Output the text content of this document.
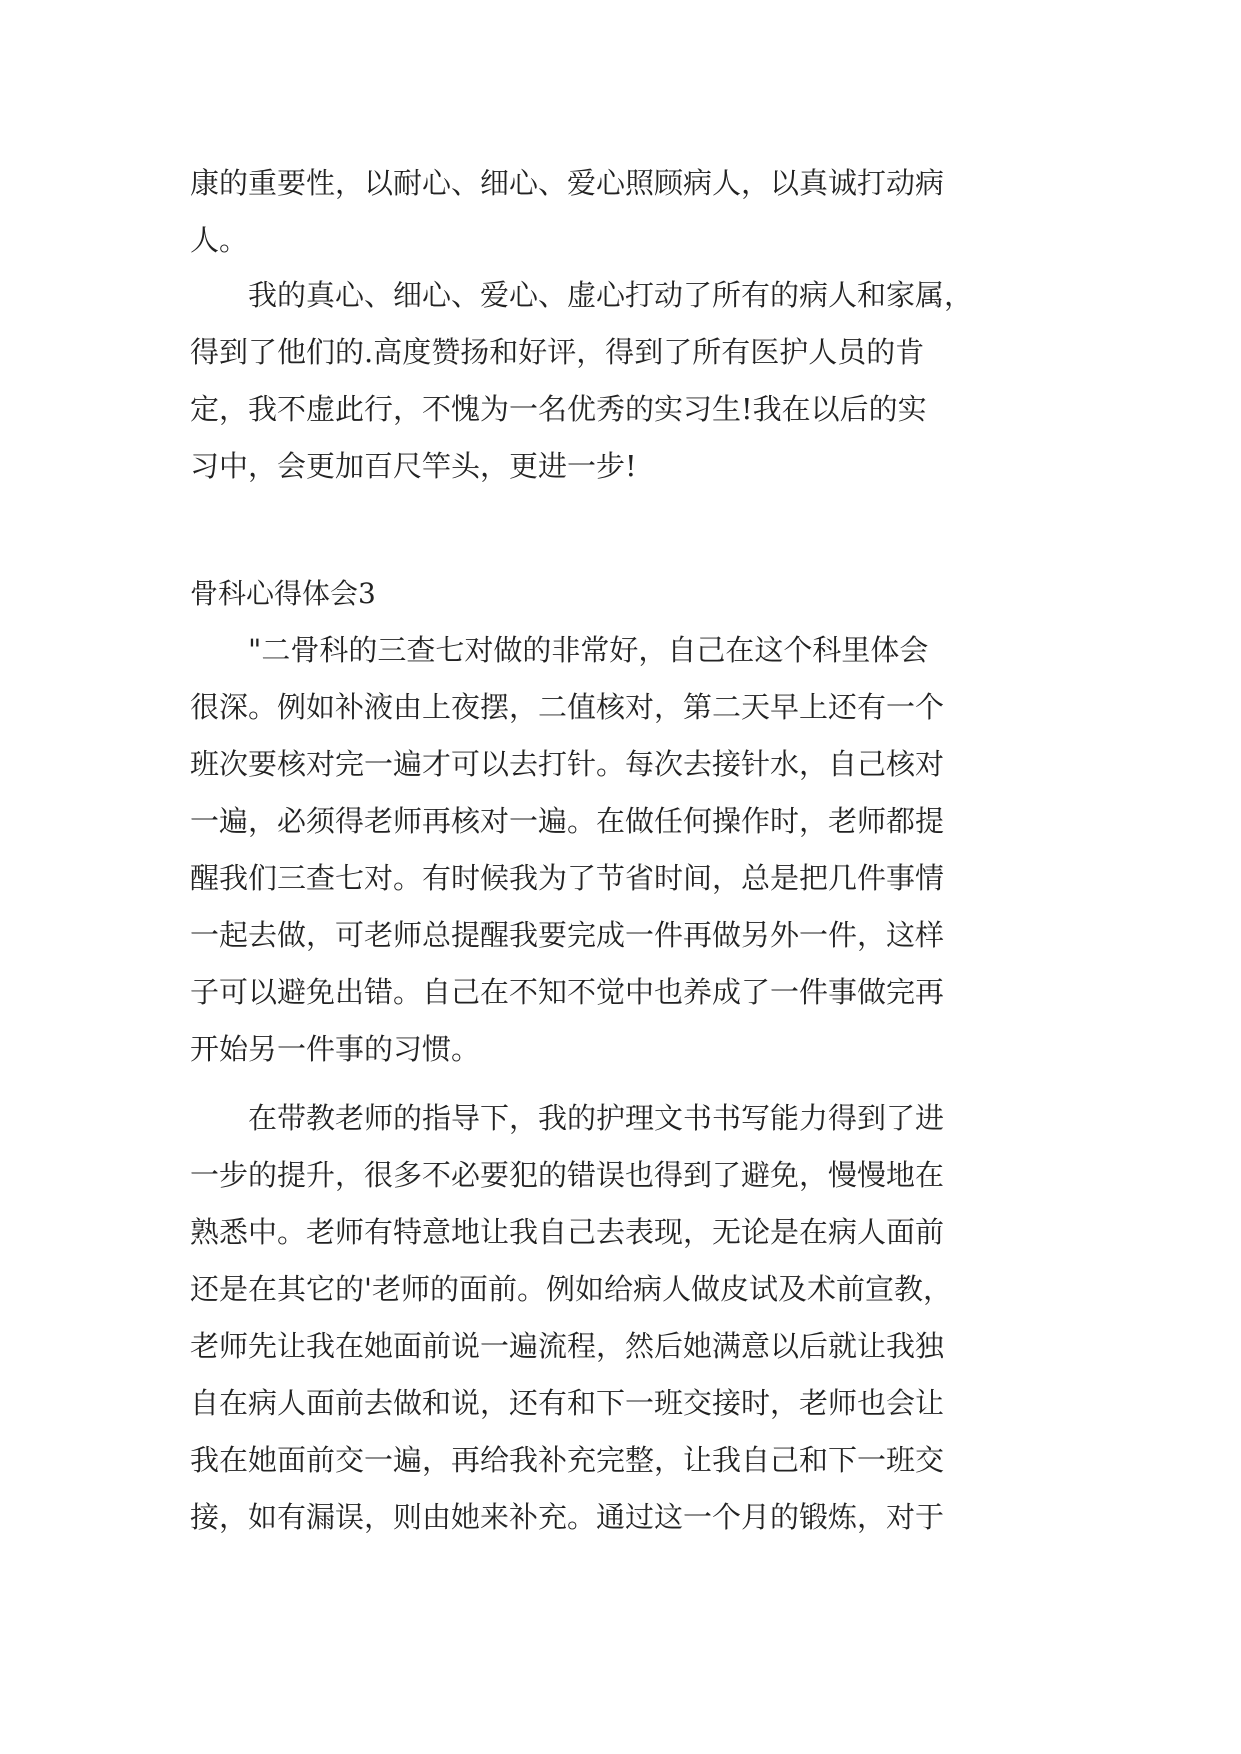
康的重要性，以耐心、细心、爱心照顾病人，以真诚打动病
人。
　　我的真心、细心、爱心、虚心打动了所有的病人和家属，
得到了他们的.高度赞扬和好评，得到了所有医护人员的肯
定，我不虚此行，不愧为一名优秀的实习生!我在以后的实
习中，会更加百尺竿头，更进一步!
骨科心得体会3
　　"二骨科的三查七对做的非常好，自己在这个科里体会
很深。例如补液由上夜摆，二值核对，第二天早上还有一个
班次要核对完一遍才可以去打针。每次去接针水，自己核对
一遍，必须得老师再核对一遍。在做任何操作时，老师都提
醒我们三查七对。有时候我为了节省时间，总是把几件事情
一起去做，可老师总提醒我要完成一件再做另外一件，这样
子可以避免出错。自己在不知不觉中也养成了一件事做完再
开始另一件事的习惯。
　　在带教老师的指导下，我的护理文书书写能力得到了进
一步的提升，很多不必要犯的错误也得到了避免，慢慢地在
熟悉中。老师有特意地让我自己去表现，无论是在病人面前
还是在其它的'老师的面前。例如给病人做皮试及术前宣教，
老师先让我在她面前说一遍流程，然后她满意以后就让我独
自在病人面前去做和说，还有和下一班交接时，老师也会让
我在她面前交一遍，再给我补充完整，让我自己和下一班交
接，如有漏误，则由她来补充。通过这一个月的锻炼，对于
